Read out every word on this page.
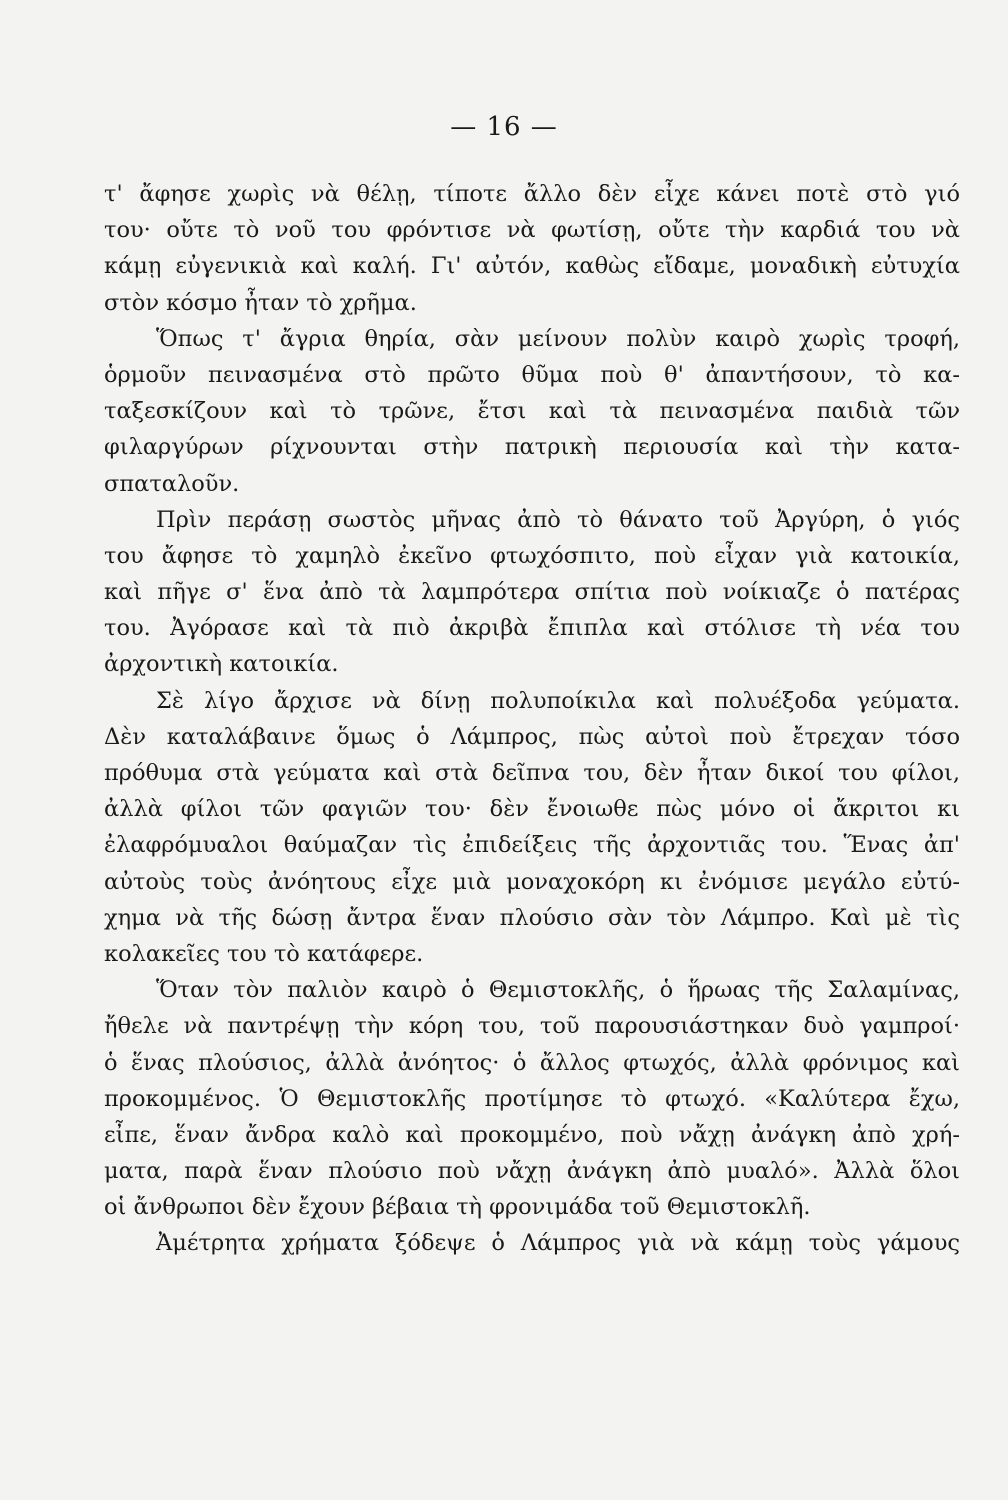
— 16 —
τ' ἄφησε χωρὶς νὰ θέλῃ, τίποτε ἄλλο δὲν εἶχε κάνει ποτὲ στὸ γιό
του· οὔτε τὸ νοῦ του φρόντισε νὰ φωτίσῃ, οὔτε τὴν καρδιά του νὰ
κάμῃ εὐγενικιὰ καὶ καλή. Γι' αὐτόν, καθὼς εἴδαμε, μοναδικὴ εὐτυχία
στὸν κόσμο ἦταν τὸ χρῆμα.
Ὅπως τ' ἄγρια θηρία, σὰν μείνουν πολὺν καιρὸ χωρὶς τροφή,
ὁρμοῦν πεινασμένα στὸ πρῶτο θῦμα ποὺ θ' ἀπαντήσουν, τὸ κα-
ταξεσκίζουν καὶ τὸ τρῶνε, ἔτσι καὶ τὰ πεινασμένα παιδιὰ τῶν
φιλαργύρων ρίχνουνται στὴν πατρικὴ περιουσία καὶ τὴν κατα-
σπαταλοῦν.
Πρὶν περάσῃ σωστὸς μῆνας ἀπὸ τὸ θάνατο τοῦ Ἀργύρη, ὁ γιός
του ἄφησε τὸ χαμηλὸ ἐκεῖνο φτωχόσπιτο, ποὺ εἶχαν γιὰ κατοικία,
καὶ πῆγε σ' ἕνα ἀπὸ τὰ λαμπρότερα σπίτια ποὺ νοίκιαζε ὁ πατέρας
του. Ἀγόρασε καὶ τὰ πιὸ ἀκριβὰ ἔπιπλα καὶ στόλισε τὴ νέα του
ἀρχοντικὴ κατοικία.
Σὲ λίγο ἄρχισε νὰ δίνῃ πολυποίκιλα καὶ πολυέξοδα γεύματα.
Δὲν καταλάβαινε ὅμως ὁ Λάμπρος, πὼς αὐτοὶ ποὺ ἔτρεχαν τόσο
πρόθυμα στὰ γεύματα καὶ στὰ δεῖπνα του, δὲν ἦταν δικοί του φίλοι,
ἀλλὰ φίλοι τῶν φαγιῶν του· δὲν ἔνοιωθε πὼς μόνο οἱ ἄκριτοι κι
ἐλαφρόμυαλοι θαύμαζαν τὶς ἐπιδείξεις τῆς ἀρχοντιᾶς του. Ἕνας ἀπ'
αὐτοὺς τοὺς ἀνόητους εἶχε μιὰ μοναχοκόρη κι ἐνόμισε μεγάλο εὐτύ-
χημα νὰ τῆς δώσῃ ἄντρα ἕναν πλούσιο σὰν τὸν Λάμπρο. Καὶ μὲ τὶς
κολακεῖες του τὸ κατάφερε.
Ὅταν τὸν παλιὸν καιρὸ ὁ Θεμιστοκλῆς, ὁ ἥρωας τῆς Σαλαμίνας,
ἤθελε νὰ παντρέψῃ τὴν κόρη του, τοῦ παρουσιάστηκαν δυὸ γαμπροί·
ὁ ἕνας πλούσιος, ἀλλὰ ἀνόητος· ὁ ἄλλος φτωχός, ἀλλὰ φρόνιμος καὶ
προκομμένος. Ὁ Θεμιστοκλῆς προτίμησε τὸ φτωχό. «Καλύτερα ἔχω,
εἶπε, ἕναν ἄνδρα καλὸ καὶ προκομμένο, ποὺ νἄχῃ ἀνάγκη ἀπὸ χρή-
ματα, παρὰ ἕναν πλούσιο ποὺ νἄχῃ ἀνάγκη ἀπὸ μυαλό». Ἀλλὰ ὅλοι
οἱ ἄνθρωποι δὲν ἔχουν βέβαια τὴ φρονιμάδα τοῦ Θεμιστοκλῆ.
Ἀμέτρητα χρήματα ξόδεψε ὁ Λάμπρος γιὰ νὰ κάμῃ τοὺς γάμους
